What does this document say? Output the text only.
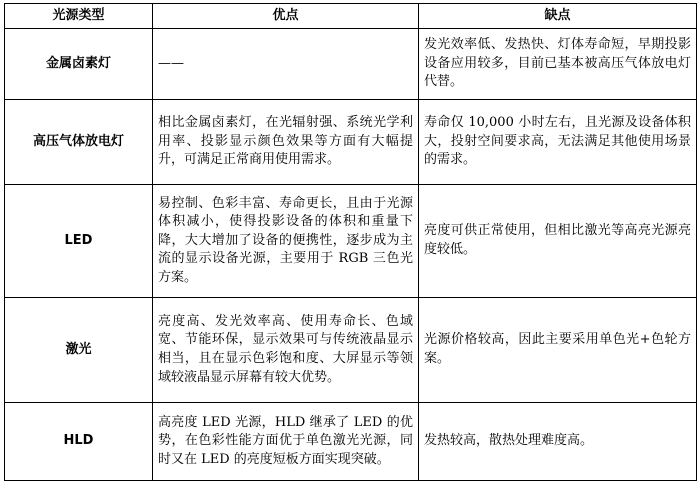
光源类型	优点	缺点
金属卤素灯	——	发光效率低、发热快、灯体寿命短，早期投影设备应用较多，目前已基本被高压气体放电灯代替。
高压气体放电灯	相比金属卤素灯，在光辐射强、系统光学利用率、投影显示颜色效果等方面有大幅提升，可满足正常商用使用需求。	寿命仅 10,000 小时左右，且光源及设备体积大，投射空间要求高，无法满足其他使用场景的需求。
LED	易控制、色彩丰富、寿命更长，且由于光源体积减小，使得投影设备的体积和重量下降，大大增加了设备的便携性，逐步成为主流的显示设备光源，主要用于 RGB 三色光方案。	亮度可供正常使用，但相比激光等高亮光源亮度较低。
激光	亮度高、发光效率高、使用寿命长、色域宽、节能环保，显示效果可与传统液晶显示相当，且在显示色彩饱和度、大屏显示等领域较液晶显示屏幕有较大优势。	光源价格较高，因此主要采用单色光+色轮方案。
HLD	高亮度 LED 光源，HLD 继承了 LED 的优势，在色彩性能方面优于单色激光光源，同时又在 LED 的亮度短板方面实现突破。	发热较高，散热处理难度高。
